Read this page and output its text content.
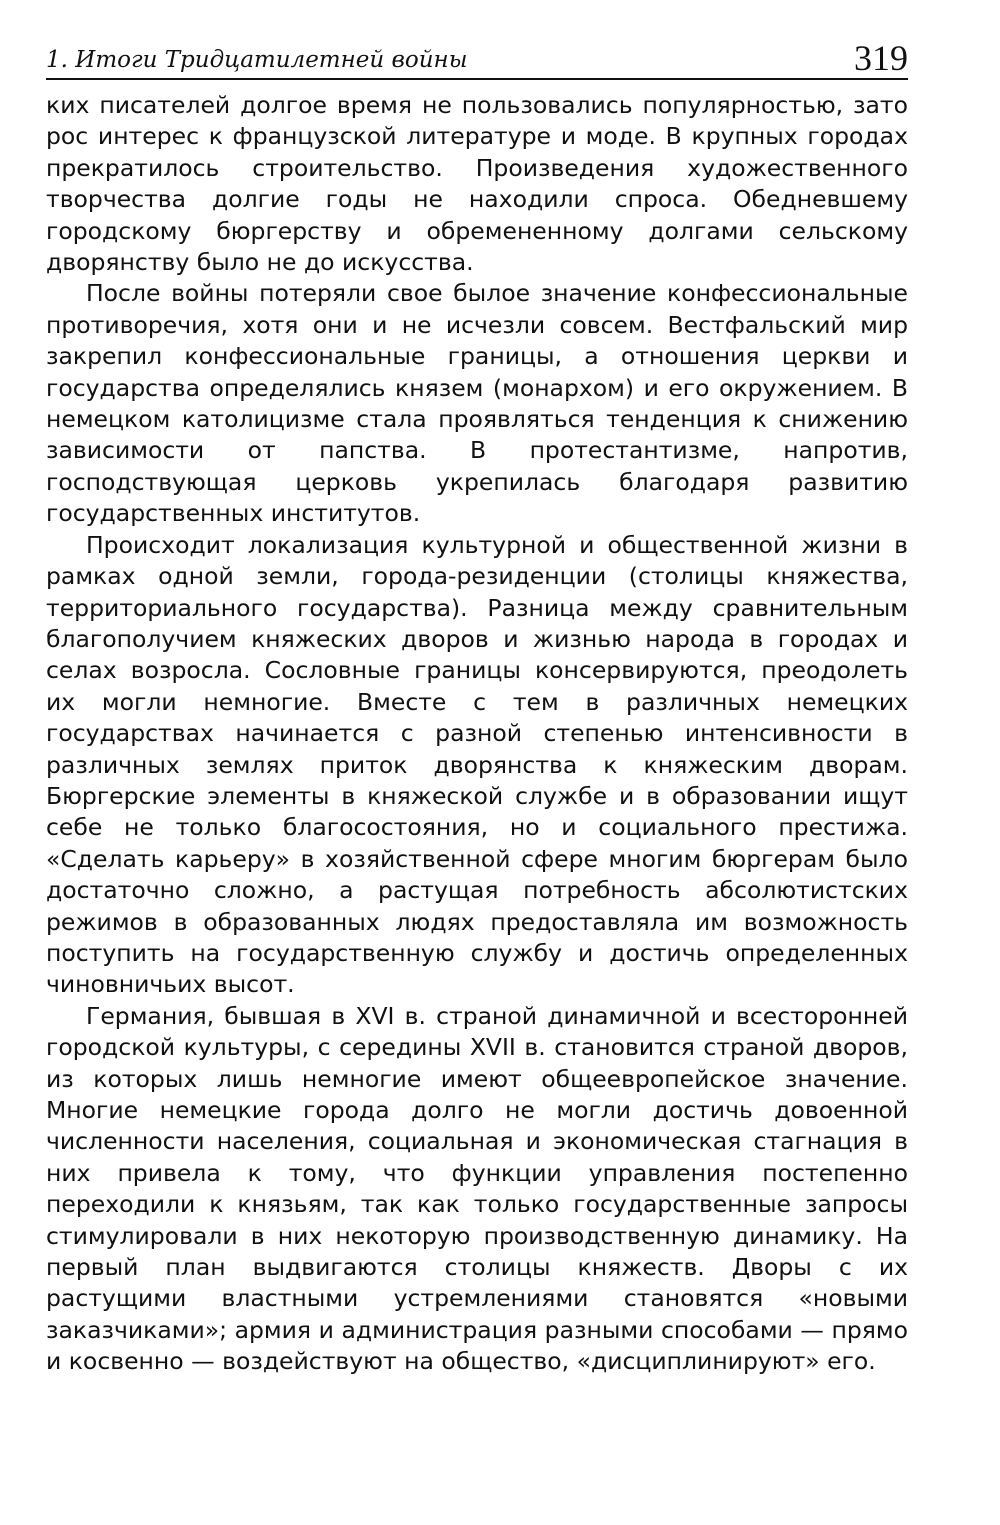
1. Итоги Тридцатилетней войны	319

ких писателей долгое время не пользовались популярностью, зато рос интерес к французской литературе и моде. В крупных городах прекратилось строительство. Произведения художественного творчества долгие годы не находили спроса. Обедневшему городскому бюргерству и обремененному долгами сельскому дворянству было не до искусства.

После войны потеряли свое былое значение конфессиональные противоречия, хотя они и не исчезли совсем. Вестфальский мир закрепил конфессиональные границы, а отношения церкви и государства определялись князем (монархом) и его окружением. В немецком католицизме стала проявляться тенденция к снижению зависимости от папства. В протестантизме, напротив, господствующая церковь укрепилась благодаря развитию государственных институтов.

Происходит локализация культурной и общественной жизни в рамках одной земли, города-резиденции (столицы княжества, территориального государства). Разница между сравнительным благополучием княжеских дворов и жизнью народа в городах и селах возросла. Сословные границы консервируются, преодолеть их могли немногие. Вместе с тем в различных немецких государствах начинается с разной степенью интенсивности в различных землях приток дворянства к княжеским дворам. Бюргерские элементы в княжеской службе и в образовании ищут себе не только благосостояния, но и социального престижа. «Сделать карьеру» в хозяйственной сфере многим бюргерам было достаточно сложно, а растущая потребность абсолютистских режимов в образованных людях предоставляла им возможность поступить на государственную службу и достичь определенных чиновничьих высот.

Германия, бывшая в XVI в. страной динамичной и всесторонней городской культуры, с середины XVII в. становится страной дворов, из которых лишь немногие имеют общеевропейское значение. Многие немецкие города долго не могли достичь довоенной численности населения, социальная и экономическая стагнация в них привела к тому, что функции управления постепенно переходили к князьям, так как только государственные запросы стимулировали в них некоторую производственную динамику. На первый план выдвигаются столицы княжеств. Дворы с их растущими властными устремлениями становятся «новыми заказчиками»; армия и администрация разными способами — прямо и косвенно — воздействуют на общество, «дисциплинируют» его.
